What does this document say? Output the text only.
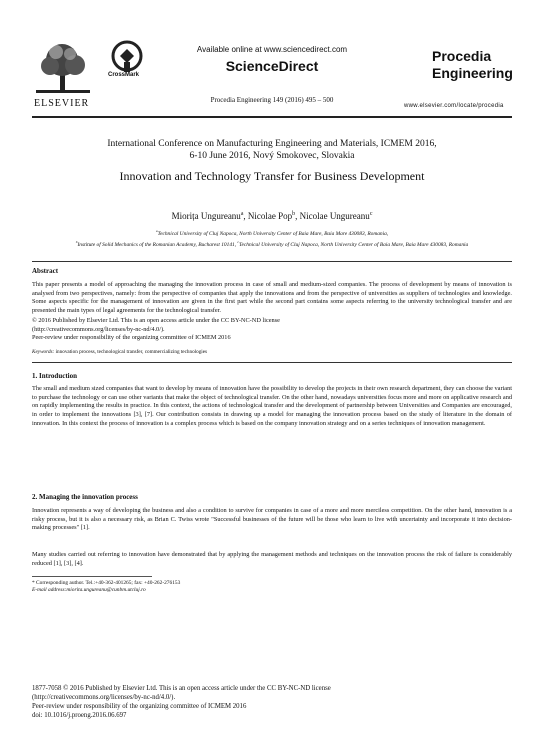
ELSEVIER
CrossMark
Available online at www.sciencedirect.com
ScienceDirect
Procedia Engineering 149 (2016) 495 – 500
Procedia
Engineering
www.elsevier.com/locate/procedia
International Conference on Manufacturing Engineering and Materials, ICMEM 2016,
6-10 June 2016, Nový Smokovec, Slovakia
Innovation and Technology Transfer for Business Development
Miorița Ungureanu$^a$, Nicolae Pop$^b$, Nicolae Ungureanu$^c$
$^a$Technical University of Cluj Napoca, North University Center of Baia Mare, Baia Mare 430083, Romania,
$^b$Institute of Solid Mechanics of the Romanian Academy, Bucharest 10141, $^c$Technical University of Cluj Napoca, North University Center of Baia Mare, Baia Mare 430083, Romania
Abstract
This paper presents a model of approaching the managing the innovation process in case of small and medium-sized companies. The process of development by means of innovation is analysed from two perspectives, namely: from the perspective of companies that apply the innovations and from the perspective of universities as suppliers of technologies and knowledge. Some aspects specific for the management of innovation are given in the first part while the second part contains some aspects referring to the university technological transfer and are presented the main types of legal agreements for the technological transfer.
© 2016 Published by Elsevier Ltd. This is an open access article under the CC BY-NC-ND license
(http://creativecommons.org/licenses/by-nc-nd/4.0/).
Peer-review under responsibility of the organizing committee of ICMEM 2016
Keywords: innovation process, technological transfer, commercializing technologies
1. Introduction
The small and medium sized companies that want to develop by means of innovation have the possibility to develop the projects in their own research department, they can choose the variant to purchase the technology or can use other variants that make the object of technological transfer. On the other hand, nowadays universities focus more and more on applicative research and on rapidly implementing the results in practice. In this context, the actions of technological transfer and the development of partnership between Universities and Companies are encouraged, in order to implement the innovations [3], [7]. Our contribution consists in drawing up a model for managing the innovation process based on the study of literature in the domain of innovation. In this context the process of innovation is a complex process which is based on the company innovation strategy and on a series techniques of innovation management.
2. Managing the innovation process
Innovation represents a way of developing the business and also a condition to survive for companies in case of a more and more merciless competition. On the other hand, innovation is a risky process, but it is also a necessary risk, as Brian C. Twiss wrote "Successful businesses of the future will be those who learn to live with uncertainty and incorporate it into decision-making processes" [1].
Many studies carried out referring to innovation have demonstrated that by applying the management methods and techniques on the innovation process the risk of failure is considerably reduced [1], [3], [4].
* Corresponding author. Tel.:+40-362-401265; fax: +40-262-276153
E-mail address:miorita.ungureanu@cunbm.utcluj.ro
1877-7058 © 2016 Published by Elsevier Ltd. This is an open access article under the CC BY-NC-ND license
(http://creativecommons.org/licenses/by-nc-nd/4.0/).
Peer-review under responsibility of the organizing committee of ICMEM 2016
doi: 10.1016/j.proeng.2016.06.697
